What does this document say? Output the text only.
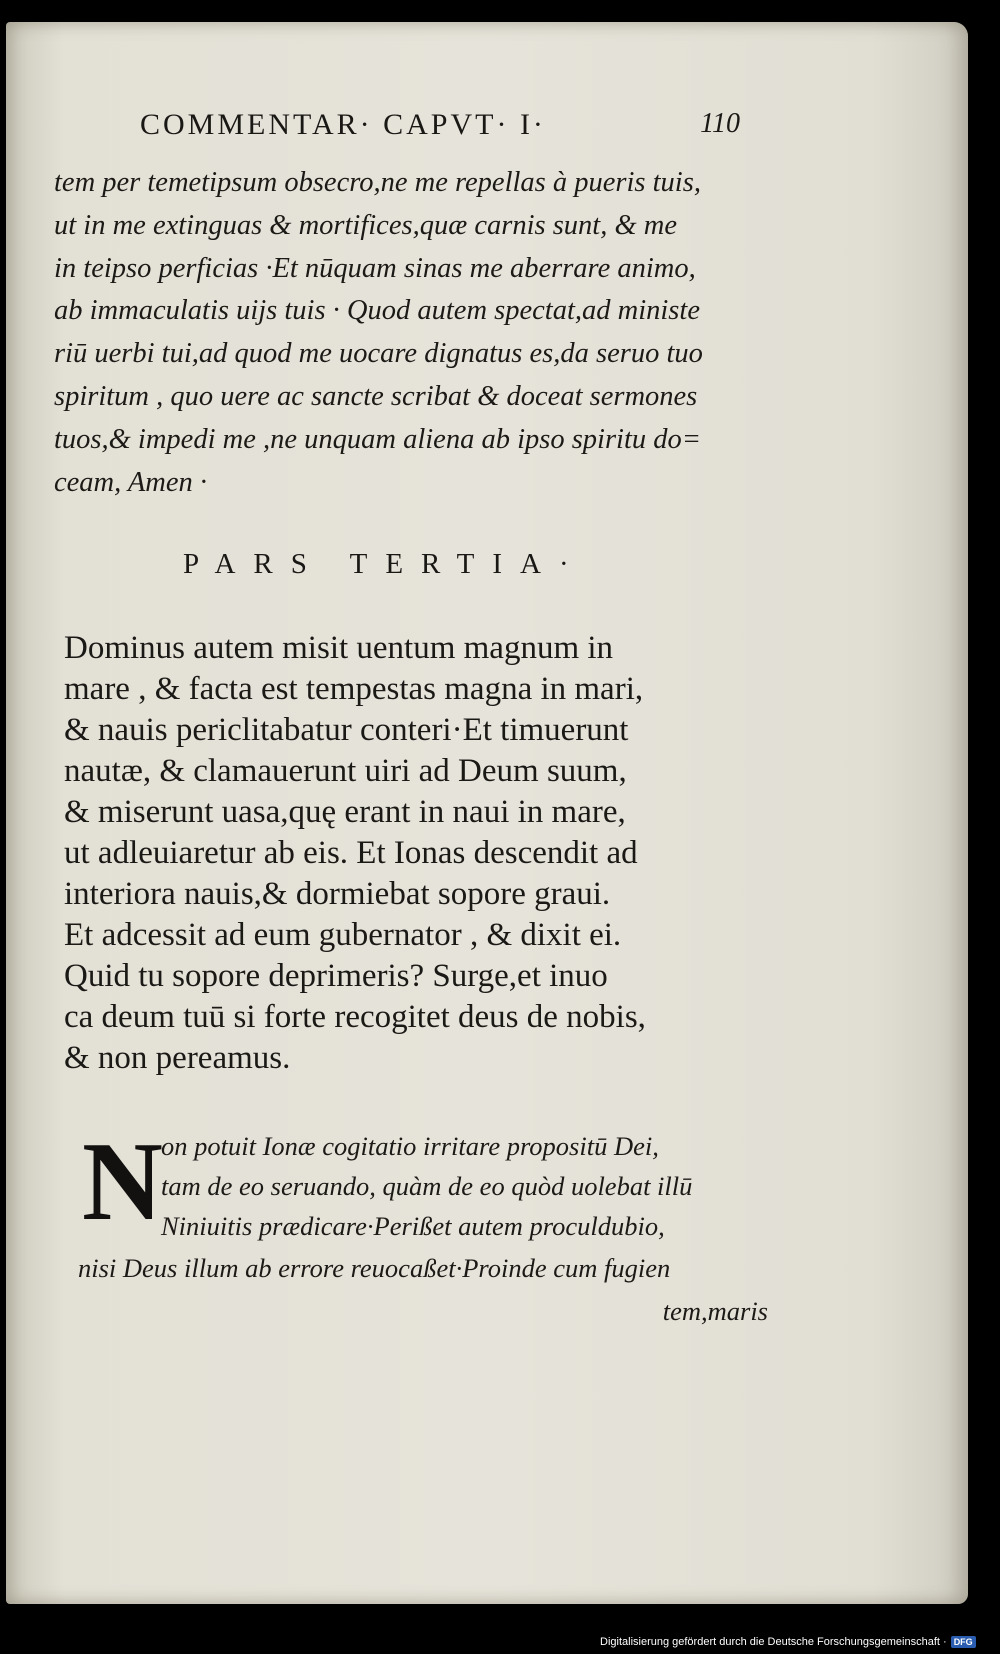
COMMENTAR· CAPVT· I·	110
tem per temetipsum obsecro,ne me repellas à pueris tuis,
ut in me extinguas & mortifices,quæ carnis sunt, & me
in teipso perficias ·Et nūquam sinas me aberrare animo,
ab immaculatis uijs tuis · Quod autem spectat,ad ministe
riū uerbi tui,ad quod me uocare dignatus es,da seruo tuo
spiritum , quo uere ac sancte scribat & doceat sermones
tuos,& impedi me ,ne unquam aliena ab ipso spiritu do=
ceam, Amen ·
PARS TERTIA·
Dominus autem misit uentum magnum in
mare , & facta est tempestas magna in mari,
& nauis periclitabatur conteri·Et timuerunt
nautæ, & clamauerunt uiri ad Deum suum,
& miserunt uasa,quę erant in naui in mare,
ut adleuiaretur ab eis. Et Ionas descendit ad
interiora nauis,& dormiebat sopore graui.
Et adcessit ad eum gubernator , & dixit ei.
Quid tu sopore deprimeris? Surge,et inuo
ca deum tuū si forte recogitet deus de nobis,
& non pereamus.
N
on potuit Ionæ cogitatio irritare propositū Dei,
tam de eo seruando, quàm de eo quòd uolebat illū
Niniuitis prædicare·Perißet autem proculdubio,
nisi Deus illum ab errore reuocaßet·Proinde cum fugien
tem,maris
Digitalisierung gefördert durch die Deutsche Forschungsgemeinschaft · DFG
